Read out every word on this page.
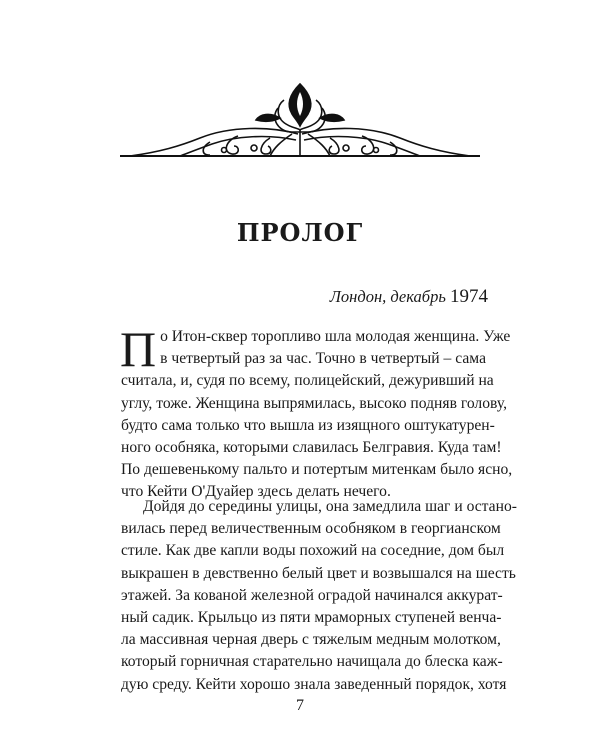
ПРОЛОГ
Лондон, декабрь 1974
П о Итон-сквер торопливо шла молодая женщина. Уже
в четвертый раз за час. Точно в четвертый – сама
считала, и, судя по всему, полицейский, дежуривший на
углу, тоже. Женщина выпрямилась, высоко подняв голову,
будто сама только что вышла из изящного оштукатурен-
ного особняка, которыми славилась Белгравия. Куда там!
По дешевенькому пальто и потертым митенкам было ясно,
что Кейти О'Дуайер здесь делать нечего.
Дойдя до середины улицы, она замедлила шаг и остано-
вилась перед величественным особняком в георгианском
стиле. Как две капли воды похожий на соседние, дом был
выкрашен в девственно белый цвет и возвышался на шесть
этажей. За кованой железной оградой начинался аккурат-
ный садик. Крыльцо из пяти мраморных ступеней венча-
ла массивная черная дверь с тяжелым медным молотком,
который горничная старательно начищала до блеска каж-
дую среду. Кейти хорошо знала заведенный порядок, хотя
7
